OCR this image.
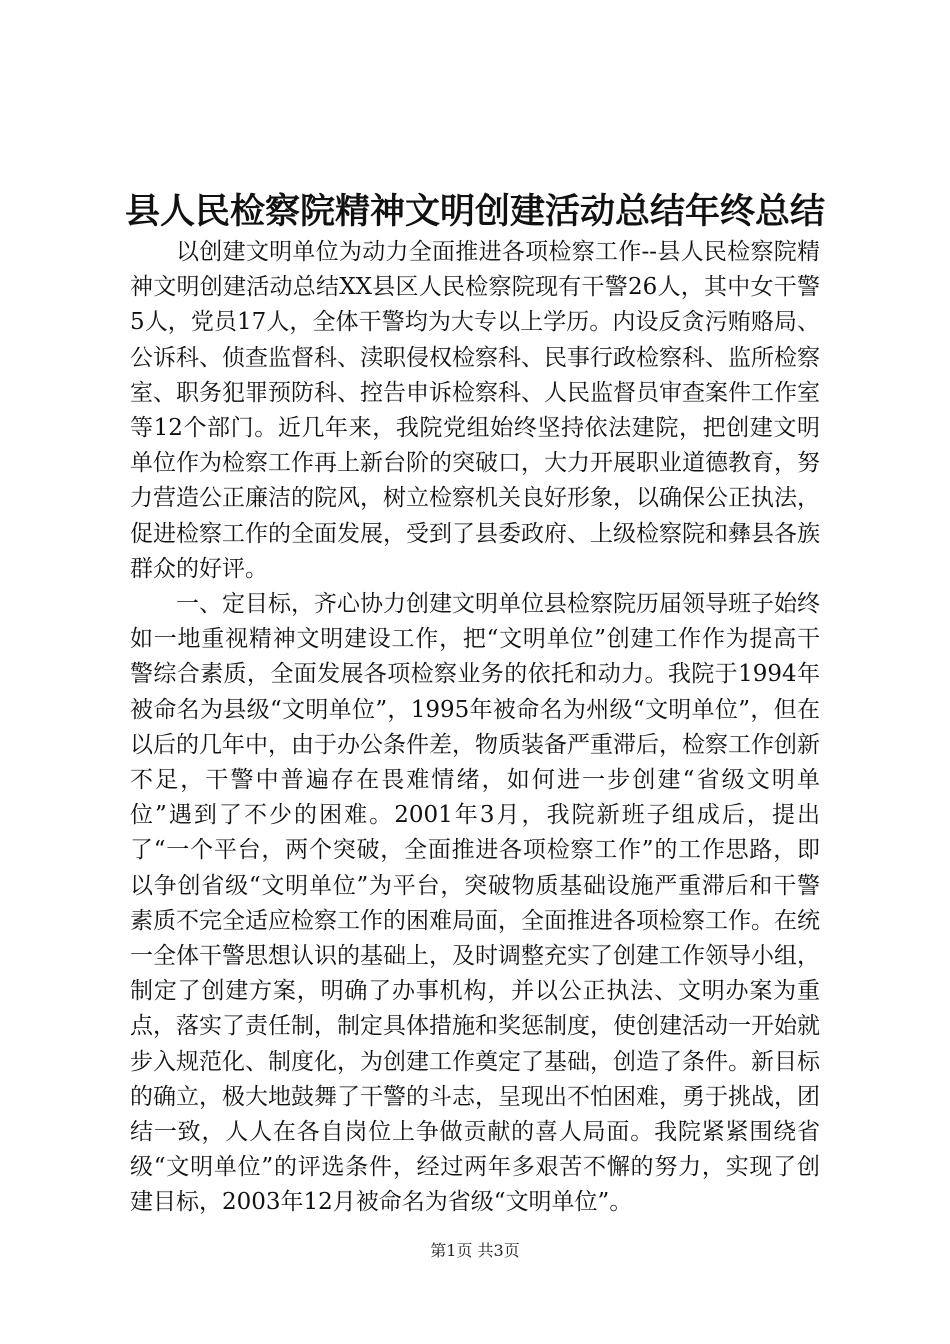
县人民检察院精神文明创建活动总结年终总结

以创建文明单位为动力全面推进各项检察工作--县人民检察院精神文明创建活动总结XX县区人民检察院现有干警26人，其中女干警5人，党员17人，全体干警均为大专以上学历。内设反贪污贿赂局、公诉科、侦查监督科、渎职侵权检察科、民事行政检察科、监所检察室、职务犯罪预防科、控告申诉检察科、人民监督员审查案件工作室等12个部门。近几年来，我院党组始终坚持依法建院，把创建文明单位作为检察工作再上新台阶的突破口，大力开展职业道德教育，努力营造公正廉洁的院风，树立检察机关良好形象，以确保公正执法，促进检察工作的全面发展，受到了县委政府、上级检察院和彝县各族群众的好评。

一、定目标，齐心协力创建文明单位县检察院历届领导班子始终如一地重视精神文明建设工作，把“文明单位”创建工作作为提高干警综合素质，全面发展各项检察业务的依托和动力。我院于1994年被命名为县级“文明单位”，1995年被命名为州级“文明单位”，但在以后的几年中，由于办公条件差，物质装备严重滞后，检察工作创新不足，干警中普遍存在畏难情绪，如何进一步创建“省级文明单位”遇到了不少的困难。2001年3月，我院新班子组成后，提出了“一个平台，两个突破，全面推进各项检察工作”的工作思路，即以争创省级“文明单位”为平台，突破物质基础设施严重滞后和干警素质不完全适应检察工作的困难局面，全面推进各项检察工作。在统一全体干警思想认识的基础上，及时调整充实了创建工作领导小组，制定了创建方案，明确了办事机构，并以公正执法、文明办案为重点，落实了责任制，制定具体措施和奖惩制度，使创建活动一开始就步入规范化、制度化，为创建工作奠定了基础，创造了条件。新目标的确立，极大地鼓舞了干警的斗志，呈现出不怕困难，勇于挑战，团结一致，人人在各自岗位上争做贡献的喜人局面。我院紧紧围绕省级“文明单位”的评选条件，经过两年多艰苦不懈的努力，实现了创建目标，2003年12月被命名为省级“文明单位”。

第1页 共3页
